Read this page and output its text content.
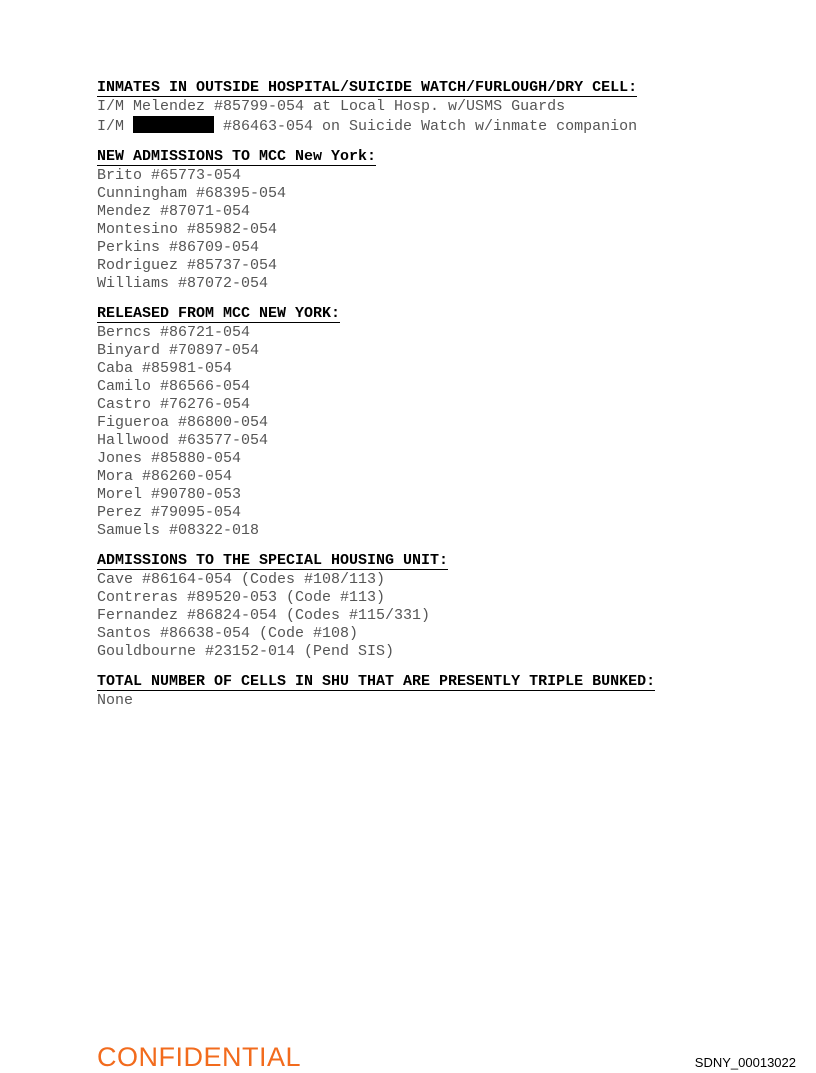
INMATES IN OUTSIDE HOSPITAL/SUICIDE WATCH/FURLOUGH/DRY CELL:
I/M Melendez #85799-054 at Local Hosp. w/USMS Guards
I/M	#86463-054 on Suicide Watch w/inmate companion
NEW ADMISSIONS TO MCC New York:
Brito #65773-054
Cunningham #68395-054
Mendez #87071-054
Montesino #85982-054
Perkins #86709-054
Rodriguez #85737-054
Williams #87072-054
RELEASED FROM MCC NEW YORK:
Berncs #86721-054
Binyard #70897-054
Caba #85981-054
Camilo #86566-054
Castro #76276-054
Figueroa #86800-054
Hallwood #63577-054
Jones #85880-054
Mora #86260-054
Morel #90780-053
Perez #79095-054
Samuels #08322-018
ADMISSIONS TO THE SPECIAL HOUSING UNIT:
Cave #86164-054 (Codes #108/113)
Contreras #89520-053 (Code #113)
Fernandez #86824-054 (Codes #115/331)
Santos #86638-054 (Code #108)
Gouldbourne #23152-014 (Pend SIS)
TOTAL NUMBER OF CELLS IN SHU THAT ARE PRESENTLY TRIPLE BUNKED:
None
CONFIDENTIAL	SDNY_00013022
